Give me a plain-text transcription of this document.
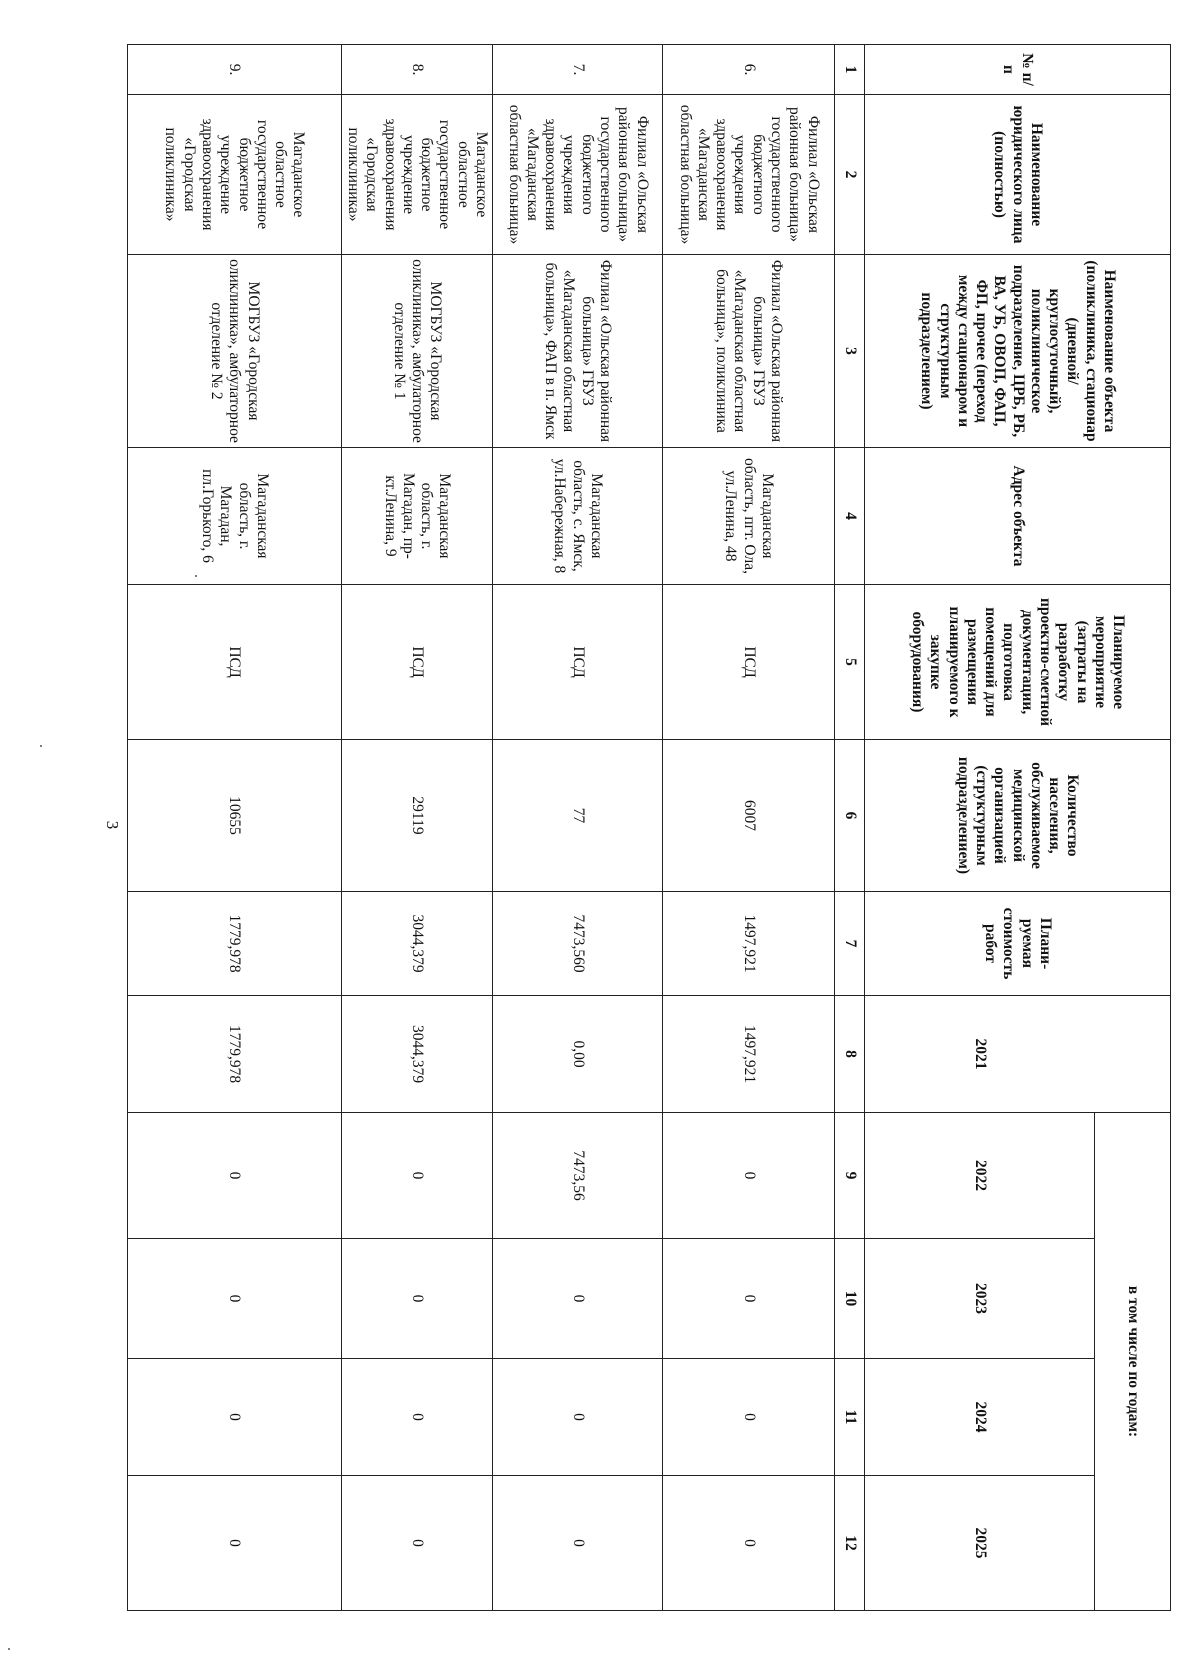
3
№ п/п	Наименование юридического лица (полностью)	Наименование объекта (поликлиника, стационар (дневной/круглосуточный), поликлиническое подразделение, ЦРБ, РБ, ВА, УБ, ОВОП, ФАП, ФП, прочее (переход между стационаром и структурным подразделением)	Адрес объекта	Планируемое мероприятие (затраты на разработку проектно-сметной документации, подготовка помещений для размещения планируемого к закупке оборудования)	Количество населения, обслуживаемое медицинской организацией (структурным подразделением)	Плани-руемая стоимость работ		в том числе по годам:			
							2021	2022	2023	2024	2025
1	2	3	4	5	6	7	8	9	10	11	12
6.	Филиал «Ольская районная больница» государственного бюджетного учреждения здравоохранения «Магаданская областная больница»	Филиал «Ольская районная больница» ГБУЗ «Магаданская областная больница», поликлиника	Магаданская область, пгт. Ола, ул.Ленина, 48	ПСД	6007	1497,921	1497,921	0	0	0	0
7.	Филиал «Ольская районная больница» государственного бюджетного учреждения здравоохранения «Магаданская областная больница»	Филиал «Ольская районная больница» ГБУЗ «Магаданская областная больница», ФАП в п. Ямск	Магаданская область, с. Ямск, ул.Набережная, 8	ПСД	77	7473,560	0,00	7473,56	0	0	0
8.	Магаданское областное государственное бюджетное учреждение здравоохранения «Городская поликлиника»	МОГБУЗ «Городская оликлиника», амбулаторное отделение № 1	Магаданская область, г. Магадан, пр-кт.Ленина, 9	ПСД	29119	3044,379	3044,379	0	0	0	0
9.	Магаданское областное государственное бюджетное учреждение здравоохранения «Городская поликлиника»	МОГБУЗ «Городская оликлиника», амбулаторное отделение № 2	Магаданская область, г. Магадан, пл.Горького, 6	ПСД	10655	1779,978	1779,978	0	0	0	0
